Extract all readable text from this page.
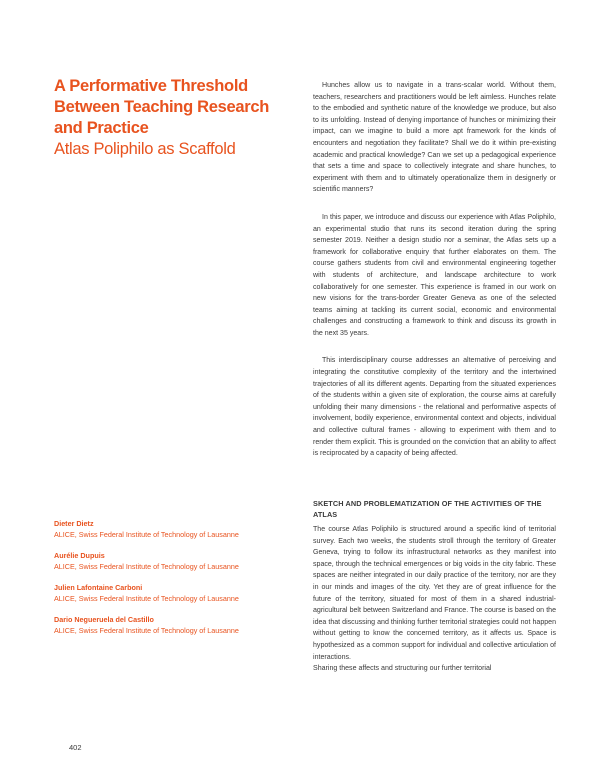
A Performative Threshold Between Teaching Research and Practice

Atlas Poliphilo as Scaffold

Hunches allow us to navigate in a trans-scalar world. Without them, teachers, researchers and practitioners would be left aimless. Hunches relate to the embodied and synthetic nature of the knowledge we produce, but also to its unfolding. Instead of denying importance of hunches or minimizing their impact, can we imagine to build a more apt framework for the kinds of encounters and negotiation they facilitate? Shall we do it within pre-existing academic and practical knowledge? Can we set up a pedagogical experience that sets a time and space to collectively integrate and share hunches, to experiment with them and to ultimately operationalize them in designerly or scientific manners?

In this paper, we introduce and discuss our experience with Atlas Poliphilo, an experimental studio that runs its second iteration during the spring semester 2019. Neither a design studio nor a seminar, the Atlas sets up a framework for collaborative enquiry that further elaborates on them. The course gathers students from civil and environmental engineering together with students of architecture, and landscape architecture to work collaboratively for one semester. This experience is framed in our work on new visions for the trans-border Greater Geneva as one of the selected teams aiming at tackling its current social, economic and environmental challenges and constructing a framework to think and discuss its growth in the next 35 years.

This interdisciplinary course addresses an alternative of perceiving and integrating the constitutive complexity of the territory and the intertwined trajectories of all its different agents. Departing from the situated experiences of the students within a given site of exploration, the course aims at carefully unfolding their many dimensions - the relational and performative aspects of involvement, bodily experience, environmental context and objects, individual and collective cultural frames - allowing to experiment with them and to render them explicit. This is grounded on the conviction that an ability to affect is reciprocated by a capacity of being affected.

SKETCH AND PROBLEMATIZATION OF THE ACTIVITIES OF THE ATLAS

The course Atlas Poliphilo is structured around a specific kind of territorial survey. Each two weeks, the students stroll through the territory of Greater Geneva, trying to follow its infrastructural networks as they manifest into space, through the technical emergences or big voids in the city fabric. These spaces are neither integrated in our daily practice of the territory, nor are they in our minds and images of the city. Yet they are of great influence for the future of the territory, situated for most of them in a shared industrial-agricultural belt between Switzerland and France. The course is based on the idea that discussing and thinking further territorial strategies could not happen without getting to know the concerned territory, as it affects us. Space is hypothesized as a common support for individual and collective articulation of interactions.

Sharing these affects and structuring our further territorial

Dieter Dietz
ALICE, Swiss Federal Institute of Technology of Lausanne
Aurélie Dupuis
ALICE, Swiss Federal Institute of Technology of Lausanne
Julien Lafontaine Carboni
ALICE, Swiss Federal Institute of Technology of Lausanne
Dario Negueruela del Castillo
ALICE, Swiss Federal Institute of Technology of Lausanne
402
